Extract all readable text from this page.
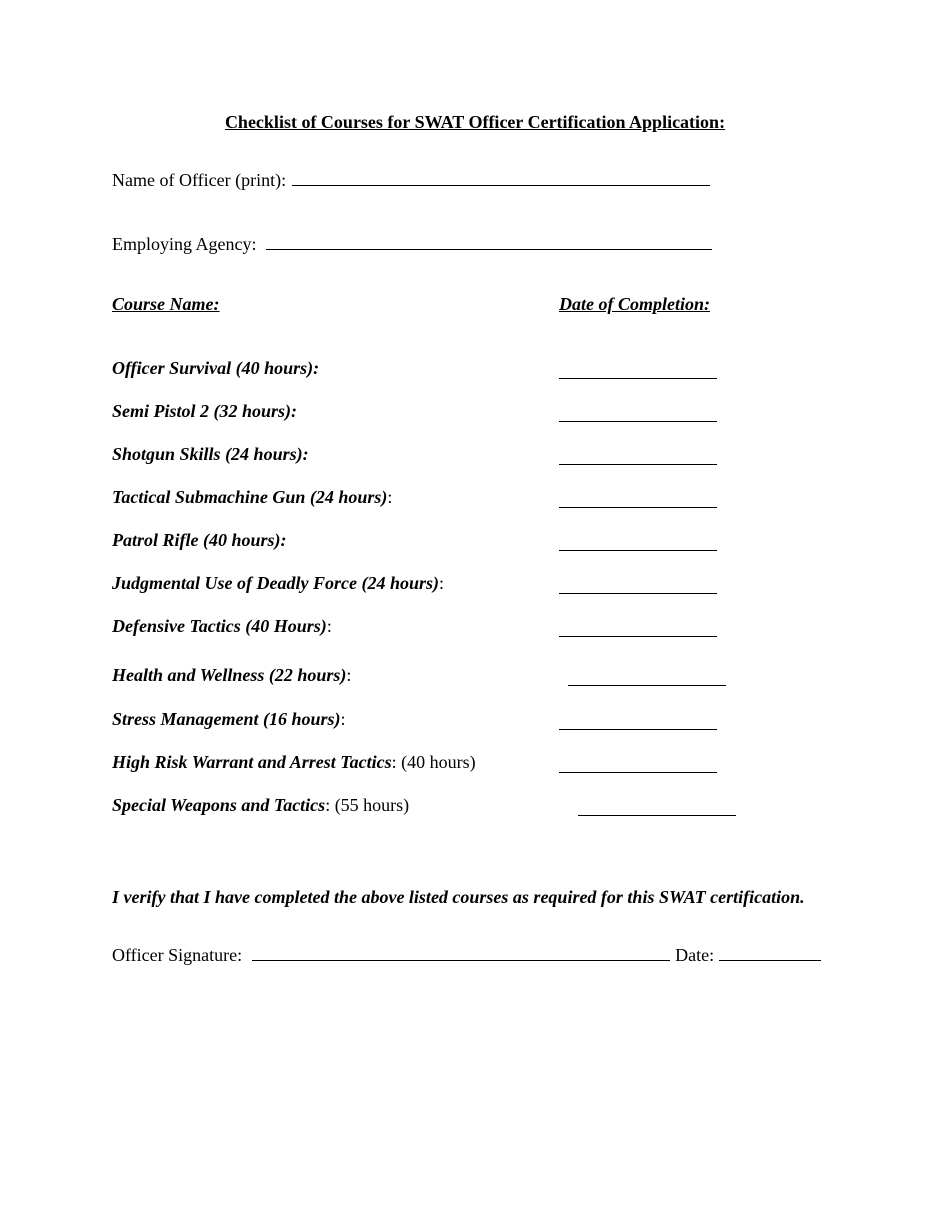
Checklist of Courses for SWAT Officer Certification Application:
Name of Officer (print):
Employing Agency:
Course Name:	Date of Completion:
Officer Survival (40 hours):
Semi Pistol 2 (32 hours):
Shotgun Skills (24 hours):
Tactical Submachine Gun (24 hours):
Patrol Rifle (40 hours):
Judgmental Use of Deadly Force (24 hours):
Defensive Tactics (40 Hours):
Health and Wellness (22 hours):
Stress Management (16 hours):
High Risk Warrant and Arrest Tactics: (40 hours)
Special Weapons and Tactics: (55 hours)
I verify that I have completed the above listed courses as required for this SWAT certification.
Officer Signature:	Date:
